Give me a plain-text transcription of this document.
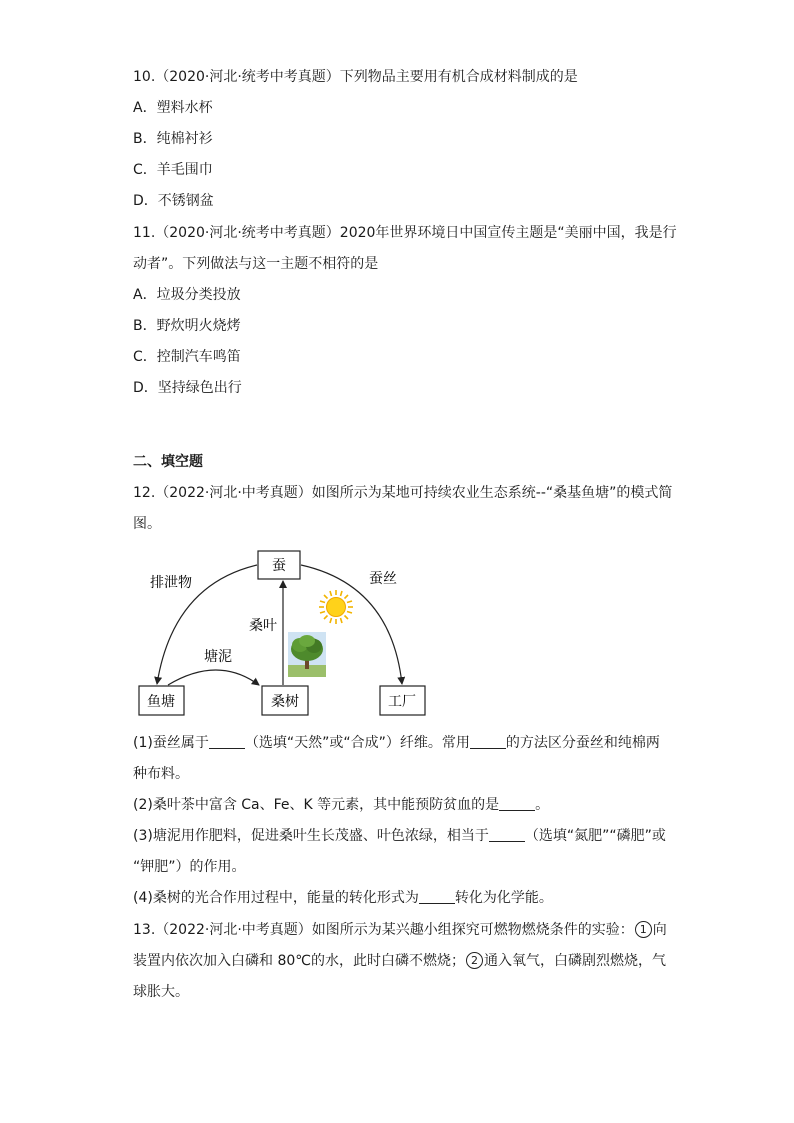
10.（2020·河北·统考中考真题）下列物品主要用有机合成材料制成的是
A．塑料水杯
B．纯棉衬衫
C．羊毛围巾
D．不锈钢盆
11.（2020·河北·统考中考真题）2020年世界环境日中国宣传主题是“美丽中国，我是行
动者”。下列做法与这一主题不相符的是
A．垃圾分类投放
B．野炊明火烧烤
C．控制汽车鸣笛
D．坚持绿色出行
二、填空题
12.（2022·河北·中考真题）如图所示为某地可持续农业生态系统--“桑基鱼塘”的模式简
图。
蚕
鱼塘	桑树	工厂
排泄物	蚕丝
桑叶
塘泥
(1)蚕丝属于	（选填“天然”或“合成”）纤维。常用	的方法区分蚕丝和纯棉两
种布料。
(2)桑叶茶中富含 Ca、Fe、K 等元素，其中能预防贫血的是	。
(3)塘泥用作肥料，促进桑叶生长茂盛、叶色浓绿，相当于	（选填“氮肥”“磷肥”或
“钾肥”）的作用。
(4)桑树的光合作用过程中，能量的转化形式为	转化为化学能。
13.（2022·河北·中考真题）如图所示为某兴趣小组探究可燃物燃烧条件的实验： 1 向
装置内依次加入白磷和 80℃的水，此时白磷不燃烧； 2 通入氧气，白磷剧烈燃烧，气
球胀大。
